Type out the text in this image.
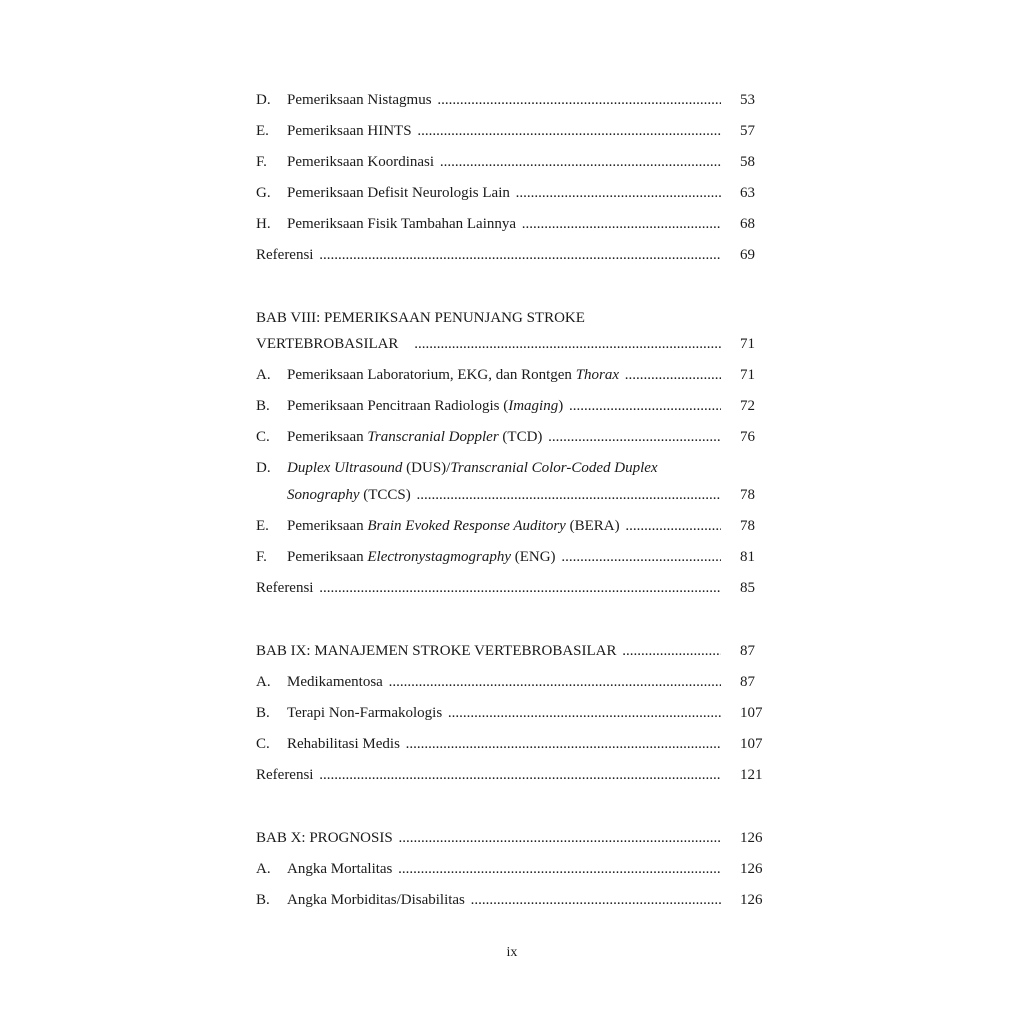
D. Pemeriksaan Nistagmus .....	53
E. Pemeriksaan HINTS .....	57
F. Pemeriksaan Koordinasi .....	58
G. Pemeriksaan Defisit Neurologis Lain .....	63
H. Pemeriksaan Fisik Tambahan Lainnya .....	68
Referensi .....	69
BAB VIII: PEMERIKSAAN PENUNJANG STROKE
VERTEBROBASILAR .....	71
A. Pemeriksaan Laboratorium, EKG, dan Rontgen Thorax .....	71
B. Pemeriksaan Pencitraan Radiologis (Imaging) .....	72
C. Pemeriksaan Transcranial Doppler (TCD) .....	76
D. Duplex Ultrasound (DUS)/Transcranial Color-Coded Duplex
Sonography (TCCS) .....	78
E. Pemeriksaan Brain Evoked Response Auditory (BERA) .....	78
F. Pemeriksaan Electronystagmography (ENG) .....	81
Referensi .....	85
BAB IX: MANAJEMEN STROKE VERTEBROBASILAR .....	87
A. Medikamentosa .....	87
B. Terapi Non-Farmakologis .....	107
C. Rehabilitasi Medis .....	107
Referensi .....	121
BAB X: PROGNOSIS .....	126
A. Angka Mortalitas .....	126
B. Angka Morbiditas/Disabilitas .....	126
ix
